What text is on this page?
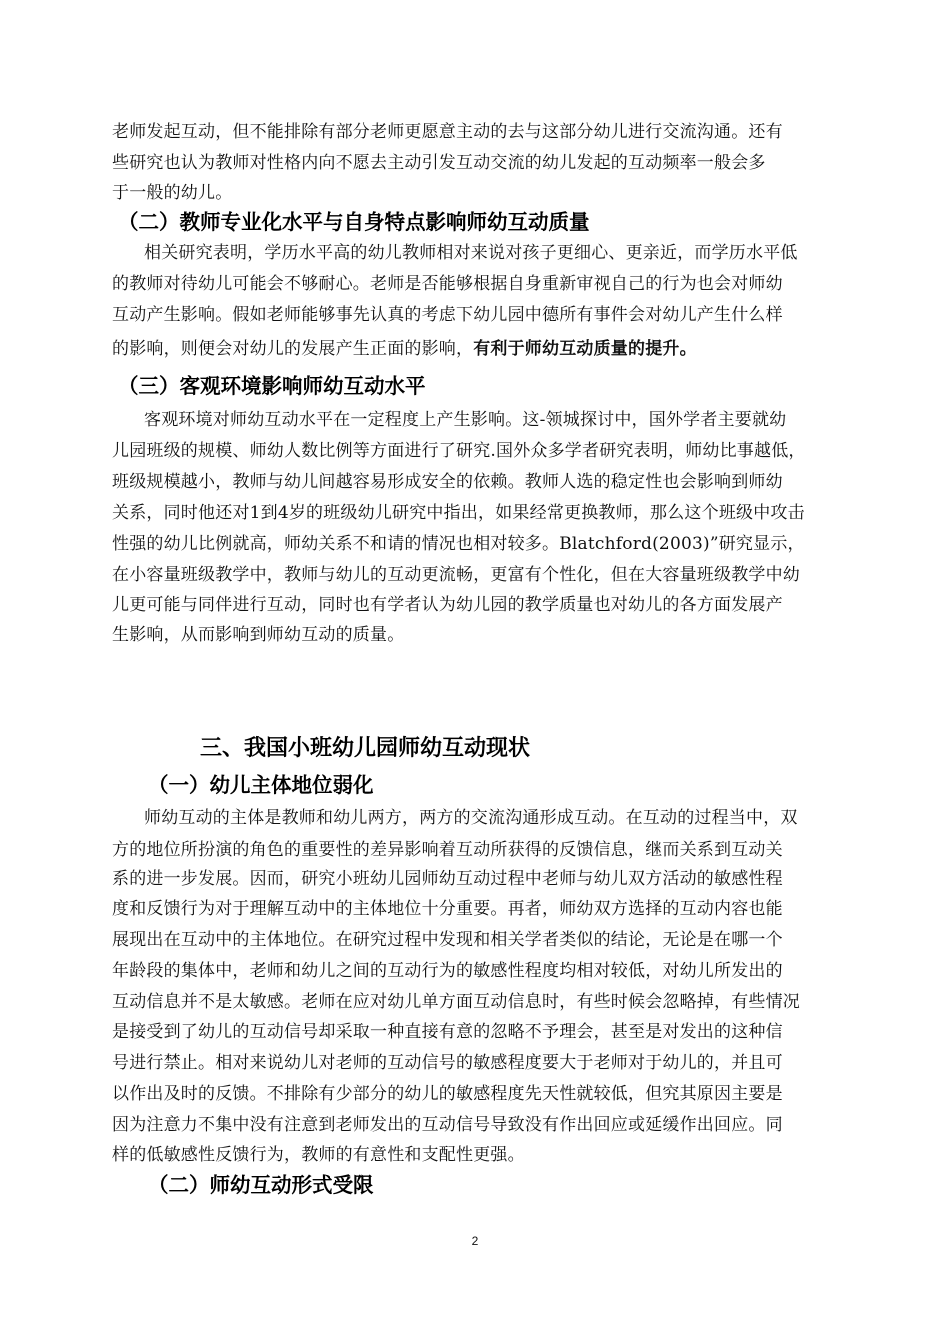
老师发起互动，但不能排除有部分老师更愿意主动的去与这部分幼儿进行交流沟通。还有
些研究也认为教师对性格内向不愿去主动引发互动交流的幼儿发起的互动频率一般会多
于一般的幼儿。
（二）教师专业化水平与自身特点影响师幼互动质量
相关研究表明，学历水平高的幼儿教师相对来说对孩子更细心、更亲近，而学历水平低
的教师对待幼儿可能会不够耐心。老师是否能够根据自身重新审视自己的行为也会对师幼
互动产生影响。假如老师能够事先认真的考虑下幼儿园中德所有事件会对幼儿产生什么样
的影响，则便会对幼儿的发展产生正面的影响，有利于师幼互动质量的提升。
（三）客观环境影响师幼互动水平
客观环境对师幼互动水平在一定程度上产生影响。这-领城探讨中，国外学者主要就幼
儿园班级的规模、师幼人数比例等方面进行了研究.国外众多学者研究表明，师幼比事越低，
班级规模越小，教师与幼儿间越容易形成安全的依赖。教师人选的稳定性也会影响到师幼
关系，同时他还对1到4岁的班级幼儿研究中指出，如果经常更换教师，那么这个班级中攻击
性强的幼儿比例就高，师幼关系不和请的情况也相对较多。Blatchford(2003)”研究显示，
在小容量班级教学中，教师与幼儿的互动更流畅，更富有个性化，但在大容量班级教学中幼
儿更可能与同伴进行互动，同时也有学者认为幼儿园的教学质量也对幼儿的各方面发展产
生影响，从而影响到师幼互动的质量。
三、我国小班幼儿园师幼互动现状
（一）幼儿主体地位弱化
师幼互动的主体是教师和幼儿两方，两方的交流沟通形成互动。在互动的过程当中，双
方的地位所扮演的角色的重要性的差异影响着互动所获得的反馈信息，继而关系到互动关
系的进一步发展。因而，研究小班幼儿园师幼互动过程中老师与幼儿双方活动的敏感性程
度和反馈行为对于理解互动中的主体地位十分重要。再者，师幼双方选择的互动内容也能
展现出在互动中的主体地位。在研究过程中发现和相关学者类似的结论，无论是在哪一个
年龄段的集体中，老师和幼儿之间的互动行为的敏感性程度均相对较低，对幼儿所发出的
互动信息并不是太敏感。老师在应对幼儿单方面互动信息时，有些时候会忽略掉，有些情况
是接受到了幼儿的互动信号却采取一种直接有意的忽略不予理会，甚至是对发出的这种信
号进行禁止。相对来说幼儿对老师的互动信号的敏感程度要大于老师对于幼儿的，并且可
以作出及时的反馈。不排除有少部分的幼儿的敏感程度先天性就较低，但究其原因主要是
因为注意力不集中没有注意到老师发出的互动信号导致没有作出回应或延缓作出回应。同
样的低敏感性反馈行为，教师的有意性和支配性更强。
（二）师幼互动形式受限
2
